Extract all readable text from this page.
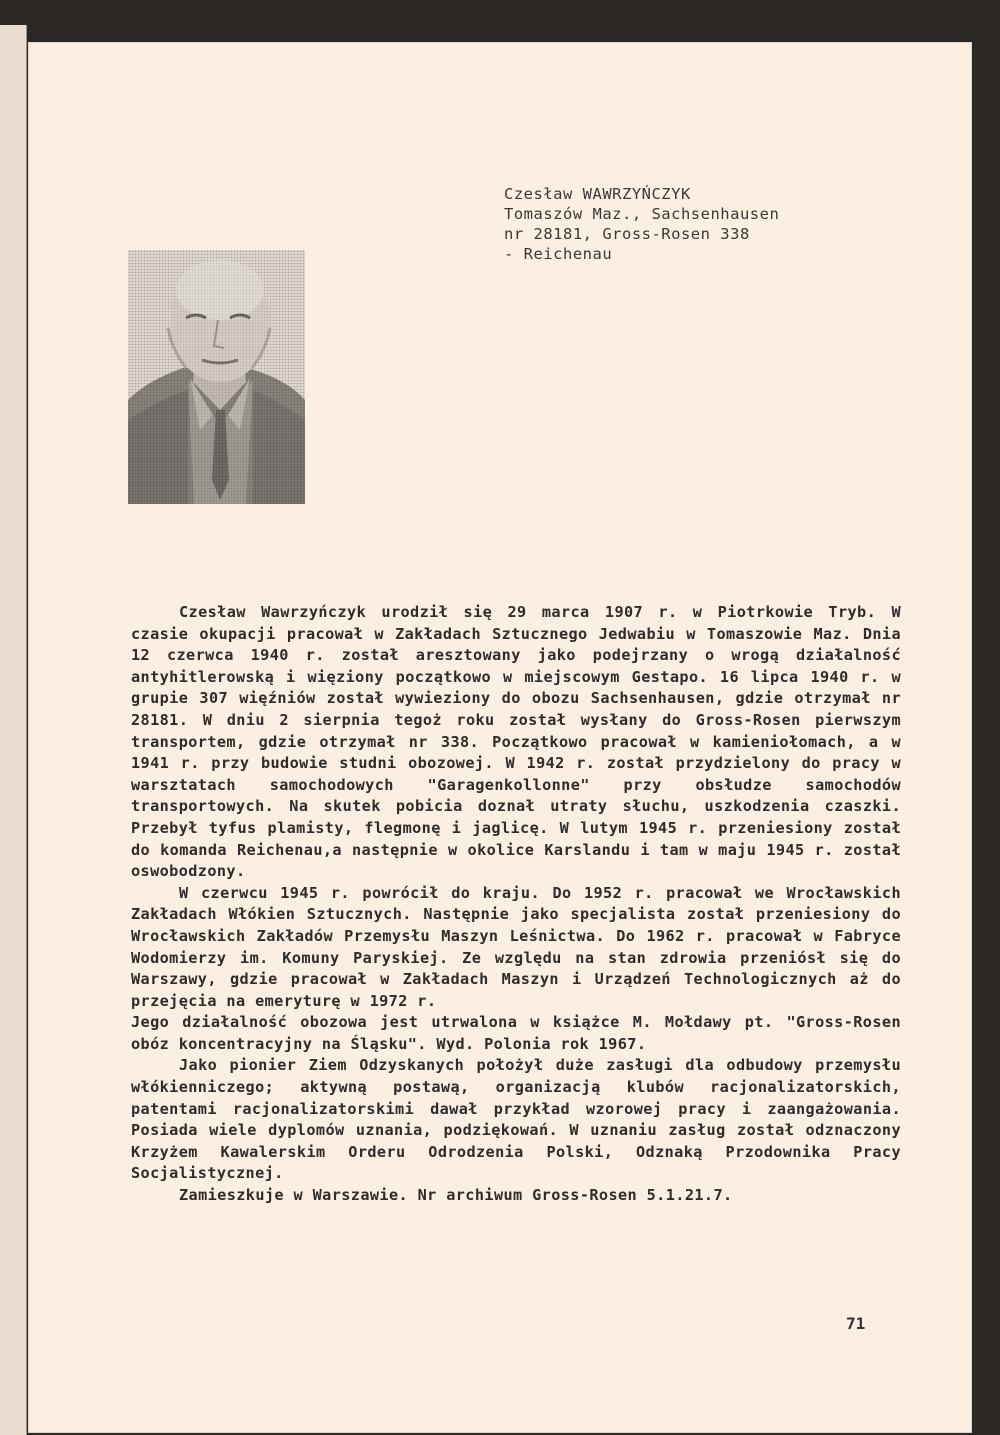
Czesław WAWRZYŃCZYK
Tomaszów Maz., Sachsenhausen
nr 28181, Gross-Rosen 338
- Reichenau

Czesław Wawrzyńczyk urodził się 29 marca 1907 r. w Piotrkowie Tryb. W czasie okupacji pracował w Zakładach Sztucznego Jedwabiu w Tomaszowie Maz. Dnia 12 czerwca 1940 r. został aresztowany jako podejrzany o wrogą działalność antyhitlerowską i więziony początkowo w miejscowym Gestapo. 16 lipca 1940 r. w grupie 307 więźniów został wywieziony do obozu Sachsenhausen, gdzie otrzymał nr 28181. W dniu 2 sierpnia tegoż roku został wysłany do Gross-Rosen pierwszym transportem, gdzie otrzymał nr 338. Początkowo pracował w kamieniołomach, a w 1941 r. przy budowie studni obozowej. W 1942 r. został przydzielony do pracy w warsztatach samochodowych "Garagenkollonne" przy obsłudze samochodów transportowych. Na skutek pobicia doznał utraty słuchu, uszkodzenia czaszki. Przebył tyfus plamisty, flegmonę i jaglicę. W lutym 1945 r. przeniesiony został do komanda Reichenau,a następnie w okolice Karslandu i tam w maju 1945 r. został oswobodzony.

W czerwcu 1945 r. powrócił do kraju. Do 1952 r. pracował we Wrocławskich Zakładach Włókien Sztucznych. Następnie jako specjalista został przeniesiony do Wrocławskich Zakładów Przemysłu Maszyn Leśnictwa. Do 1962 r. pracował w Fabryce Wodomierzy im. Komuny Paryskiej. Ze względu na stan zdrowia przeniósł się do Warszawy, gdzie pracował w Zakładach Maszyn i Urządzeń Technologicznych aż do przejęcia na emeryturę w 1972 r.

Jego działalność obozowa jest utrwalona w książce M. Mołdawy pt. "Gross-Rosen obóz koncentracyjny na Śląsku". Wyd. Polonia rok 1967.

Jako pionier Ziem Odzyskanych położył duże zasługi dla odbudowy przemysłu włókienniczego; aktywną postawą, organizacją klubów racjonalizatorskich, patentami racjonalizatorskimi dawał przykład wzorowej pracy i zaangażowania. Posiada wiele dyplomów uznania, podziękowań. W uznaniu zasług został odznaczony Krzyżem Kawalerskim Orderu Odrodzenia Polski, Odznaką Przodownika Pracy Socjalistycznej.

Zamieszkuje w Warszawie. Nr archiwum Gross-Rosen 5.1.21.7.

71
